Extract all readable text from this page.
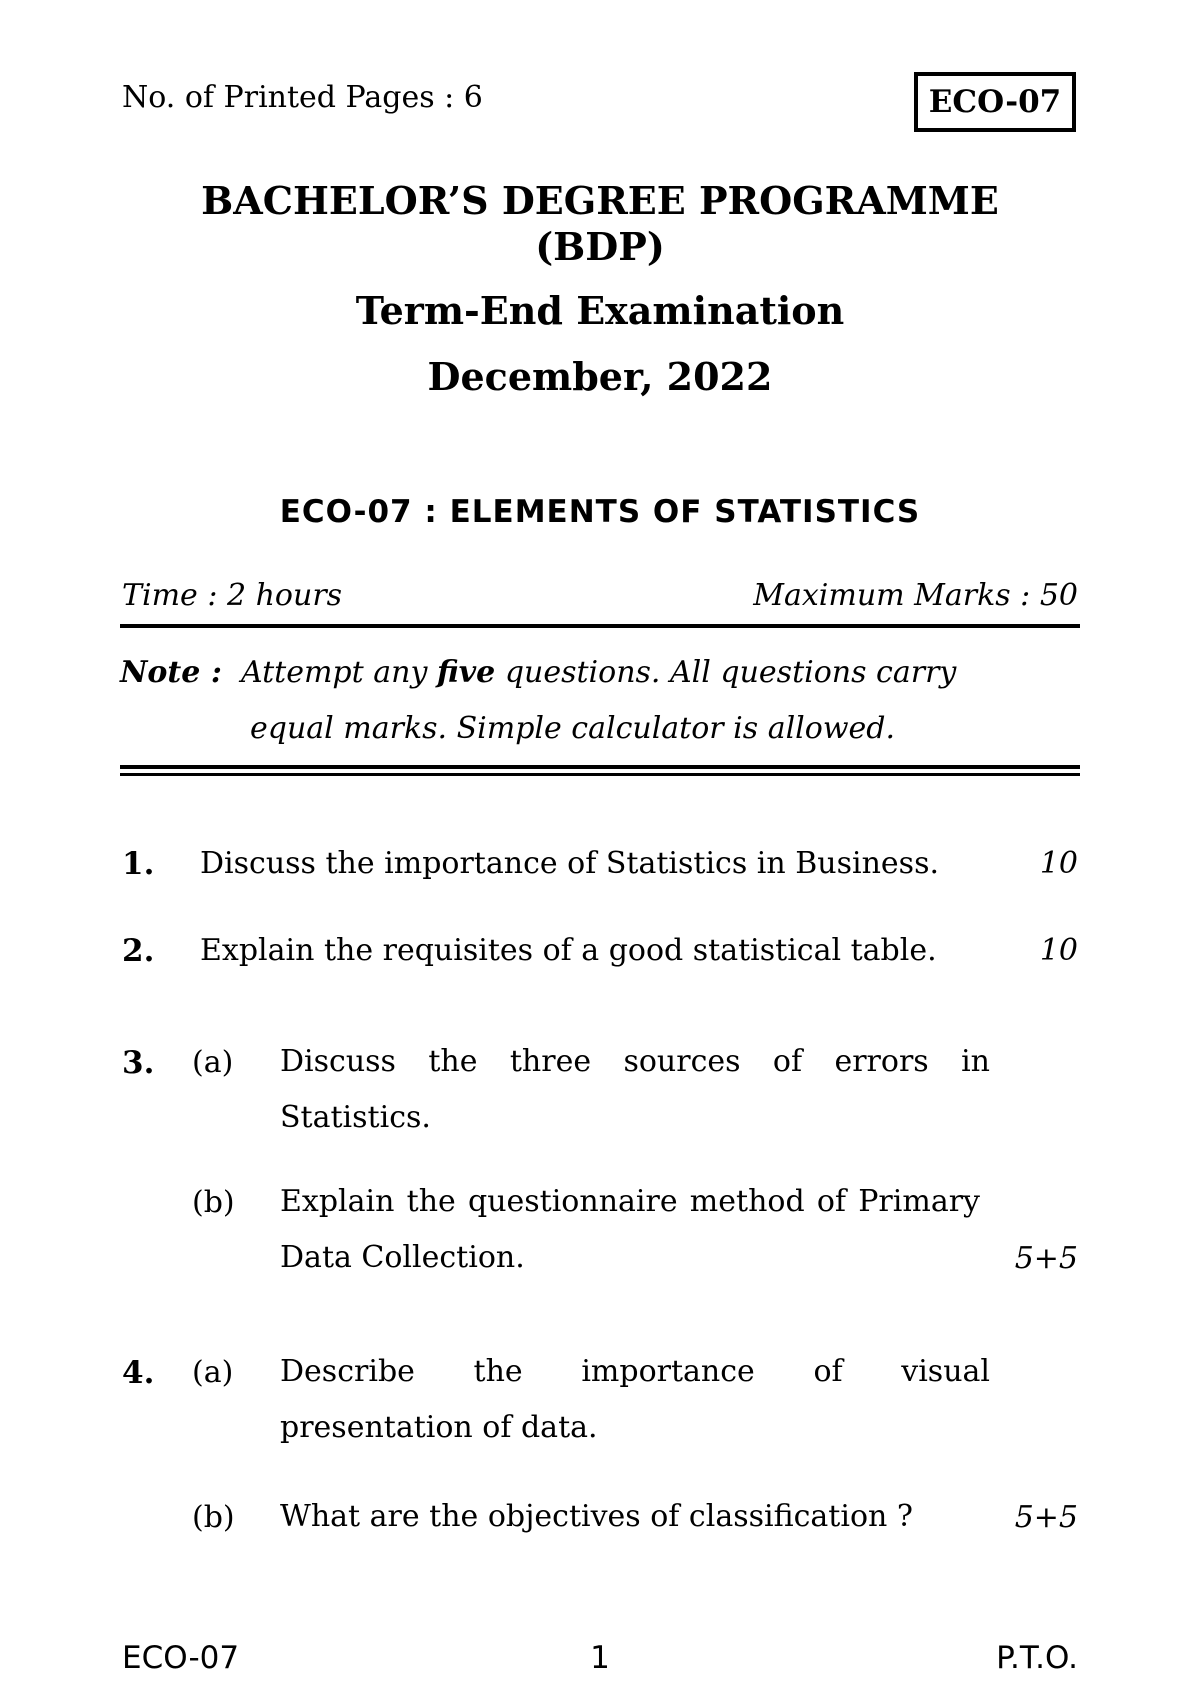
No. of Printed Pages : 6	ECO-07
BACHELOR’S DEGREE PROGRAMME
(BDP)
Term-End Examination
December, 2022
ECO-07 : ELEMENTS OF STATISTICS
Time : 2 hours	Maximum Marks : 50
Note : Attempt any five questions. All questions carry
equal marks. Simple calculator is allowed.
1. Discuss the importance of Statistics in Business.	10
2. Explain the requisites of a good statistical table.	10
3. (a) Discuss the three sources of errors in Statistics.
(b) Explain the questionnaire method of Primary Data Collection.	5+5
4. (a) Describe the importance of visual presentation of data.
(b) What are the objectives of classification ?	5+5
ECO-07	1	P.T.O.
